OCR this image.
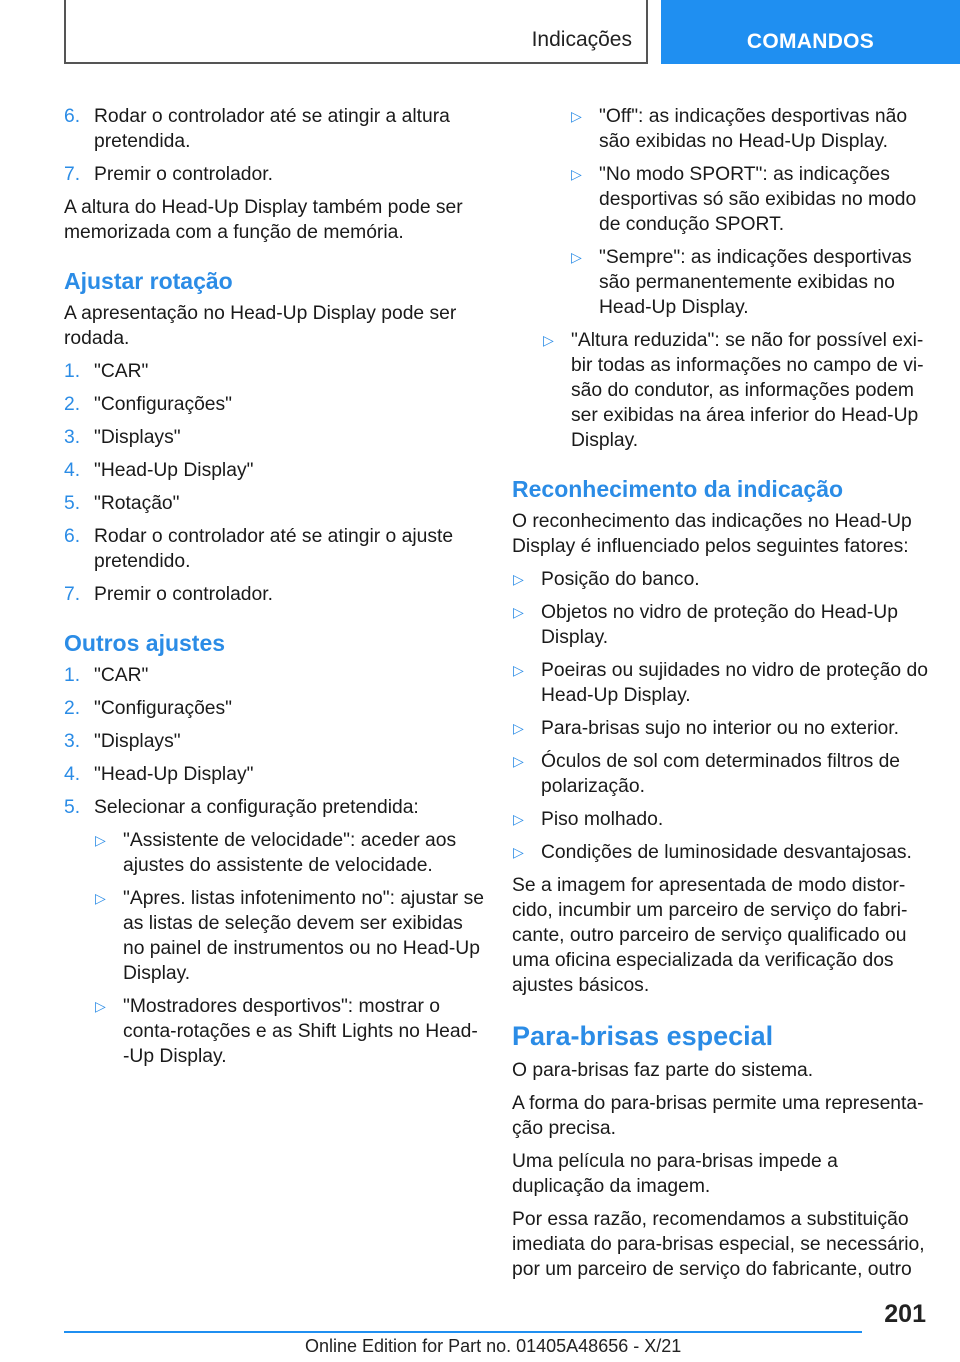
Indicações	COMANDOS
6. Rodar o controlador até se atingir a altura pretendida.
7. Premir o controlador.

A altura do Head-Up Display também pode ser memorizada com a função de memória.

Ajustar rotação

A apresentação no Head-Up Display pode ser rodada.

1. "CAR"
2. "Configurações"
3. "Displays"
4. "Head-Up Display"
5. "Rotação"
6. Rodar o controlador até se atingir o ajuste pretendido.
7. Premir o controlador.
Outros ajustes
1. "CAR"
2. "Configurações"
3. "Displays"
4. "Head-Up Display"
5. Selecionar a configuração pretendida:
▷ "Assistente de velocidade": aceder aos ajustes do assistente de velocidade.
▷ "Apres. listas infotenimento no": ajustar se as listas de seleção devem ser exibidas no painel de instrumentos ou no Head-Up Display.
▷ "Mostradores desportivos": mostrar o conta-rotações e as Shift Lights no Head--Up Display.
▷ "Off": as indicações desportivas não são exibidas no Head-Up Display.
▷ "No modo SPORT": as indicações desportivas só são exibidas no modo de condução SPORT.
▷ "Sempre": as indicações desportivas são permanentemente exibidas no Head-Up Display.
▷ "Altura reduzida": se não for possível exi-bir todas as informações no campo de vi-são do condutor, as informações podem ser exibidas na área inferior do Head-Up Display.
Reconhecimento da indicação

O reconhecimento das indicações no Head-Up Display é influenciado pelos seguintes fatores:

▷ Posição do banco.
▷ Objetos no vidro de proteção do Head-Up Display.
▷ Poeiras ou sujidades no vidro de proteção do Head-Up Display.
▷ Para-brisas sujo no interior ou no exterior.
▷ Óculos de sol com determinados filtros de polarização.
▷ Piso molhado.
▷ Condições de luminosidade desvantajosas.

Se a imagem for apresentada de modo distor-cido, incumbir um parceiro de serviço do fabri-cante, outro parceiro de serviço qualificado ou uma oficina especializada da verificação dos ajustes básicos.

Para-brisas especial

O para-brisas faz parte do sistema.

A forma do para-brisas permite uma representa-ção precisa.

Uma película no para-brisas impede a duplicação da imagem.

Por essa razão, recomendamos a substituição imediata do para-brisas especial, se necessário, por um parceiro de serviço do fabricante, outro

201
Online Edition for Part no. 01405A48656 - X/21
